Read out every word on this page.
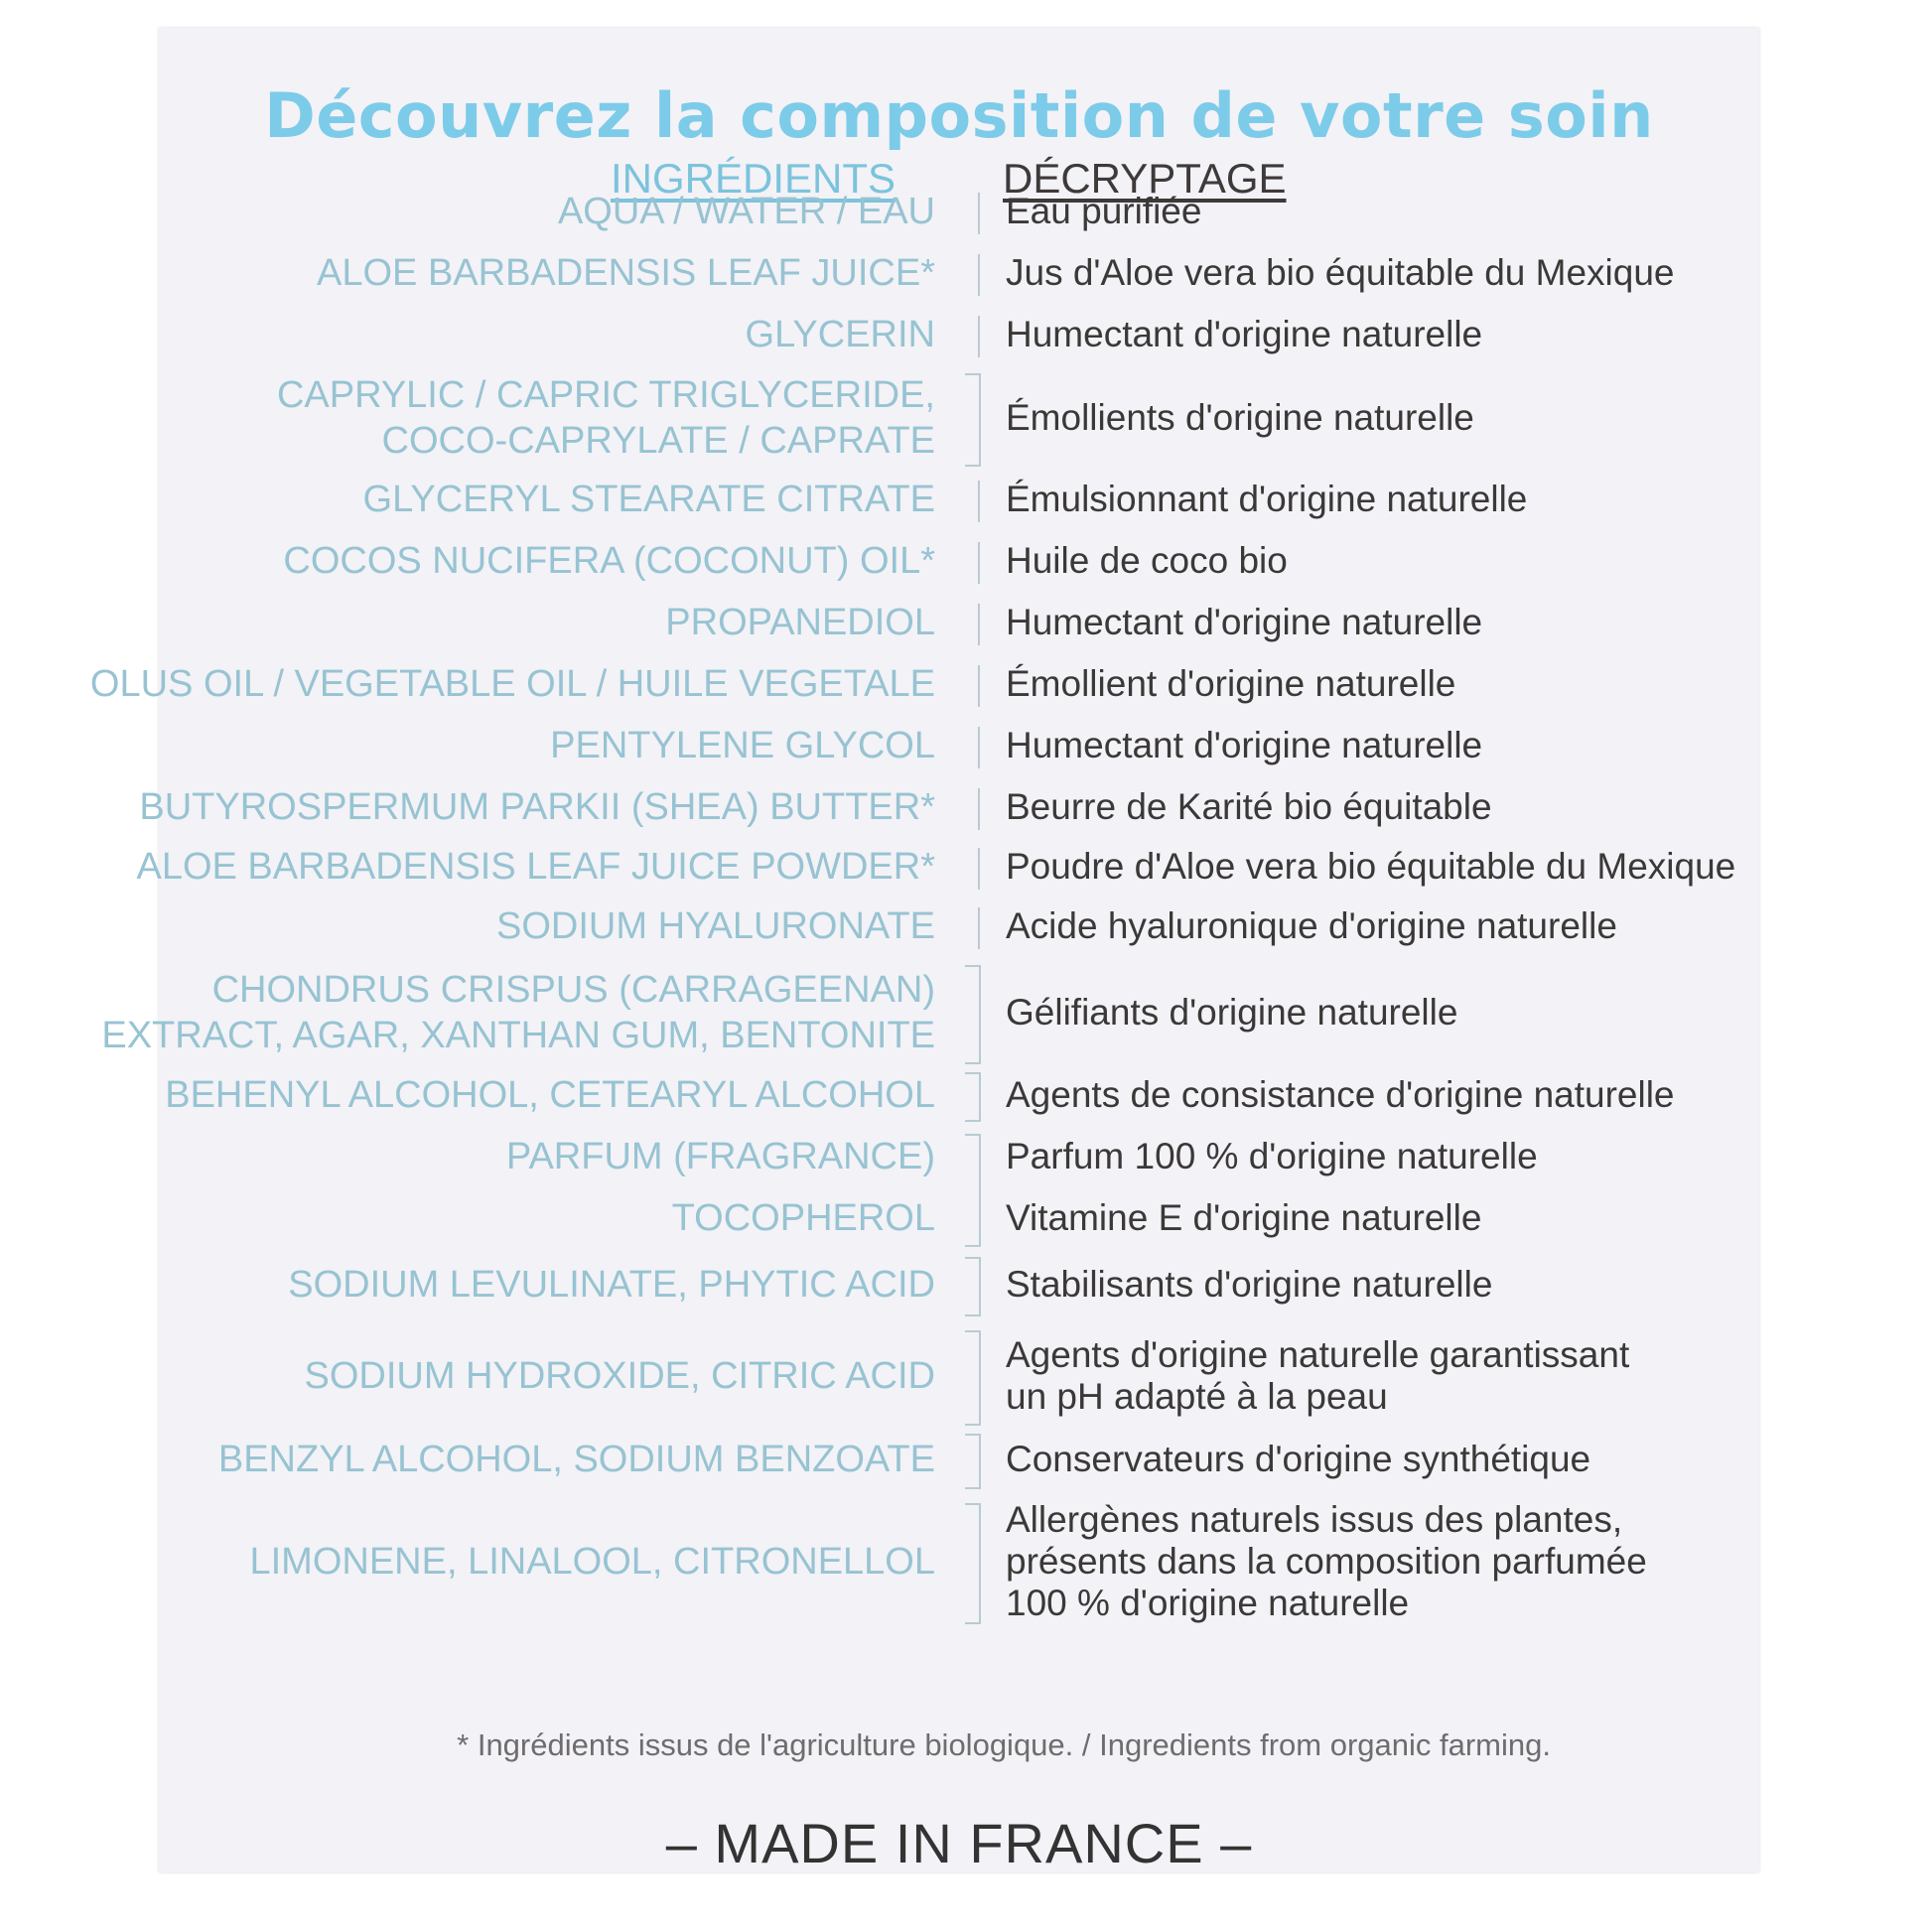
Découvrez la composition de votre soin
INGRÉDIENTS	DÉCRYPTAGE
AQUA / WATER / EAU Eau purifiée
ALOE BARBADENSIS LEAF JUICE* Jus d'Aloe vera bio équitable du Mexique
GLYCERIN Humectant d'origine naturelle
CAPRYLIC / CAPRIC TRIGLYCERIDE,
COCO-CAPRYLATE / CAPRATE
Émollients d'origine naturelle
GLYCERYL STEARATE CITRATE Émulsionnant d'origine naturelle
COCOS NUCIFERA (COCONUT) OIL* Huile de coco bio
PROPANEDIOL Humectant d'origine naturelle
OLUS OIL / VEGETABLE OIL / HUILE VEGETALE Émollient d'origine naturelle
PENTYLENE GLYCOL Humectant d'origine naturelle
BUTYROSPERMUM PARKII (SHEA) BUTTER* Beurre de Karité bio équitable
ALOE BARBADENSIS LEAF JUICE POWDER* Poudre d'Aloe vera bio équitable du Mexique
SODIUM HYALURONATE Acide hyaluronique d'origine naturelle
CHONDRUS CRISPUS (CARRAGEENAN)
EXTRACT, AGAR, XANTHAN GUM, BENTONITE
Gélifiants d'origine naturelle
BEHENYL ALCOHOL, CETEARYL ALCOHOL Agents de consistance d'origine naturelle
PARFUM (FRAGRANCE) Parfum 100 % d'origine naturelle
TOCOPHEROL Vitamine E d'origine naturelle
SODIUM LEVULINATE, PHYTIC ACID Stabilisants d'origine naturelle
SODIUM HYDROXIDE, CITRIC ACID
Agents d'origine naturelle garantissant
un pH adapté à la peau
BENZYL ALCOHOL, SODIUM BENZOATE Conservateurs d'origine synthétique
LIMONENE, LINALOOL, CITRONELLOL
Allergènes naturels issus des plantes,
présents dans la composition parfumée
100 % d'origine naturelle
* Ingrédients issus de l'agriculture biologique. / Ingredients from organic farming.
– MADE IN FRANCE –
